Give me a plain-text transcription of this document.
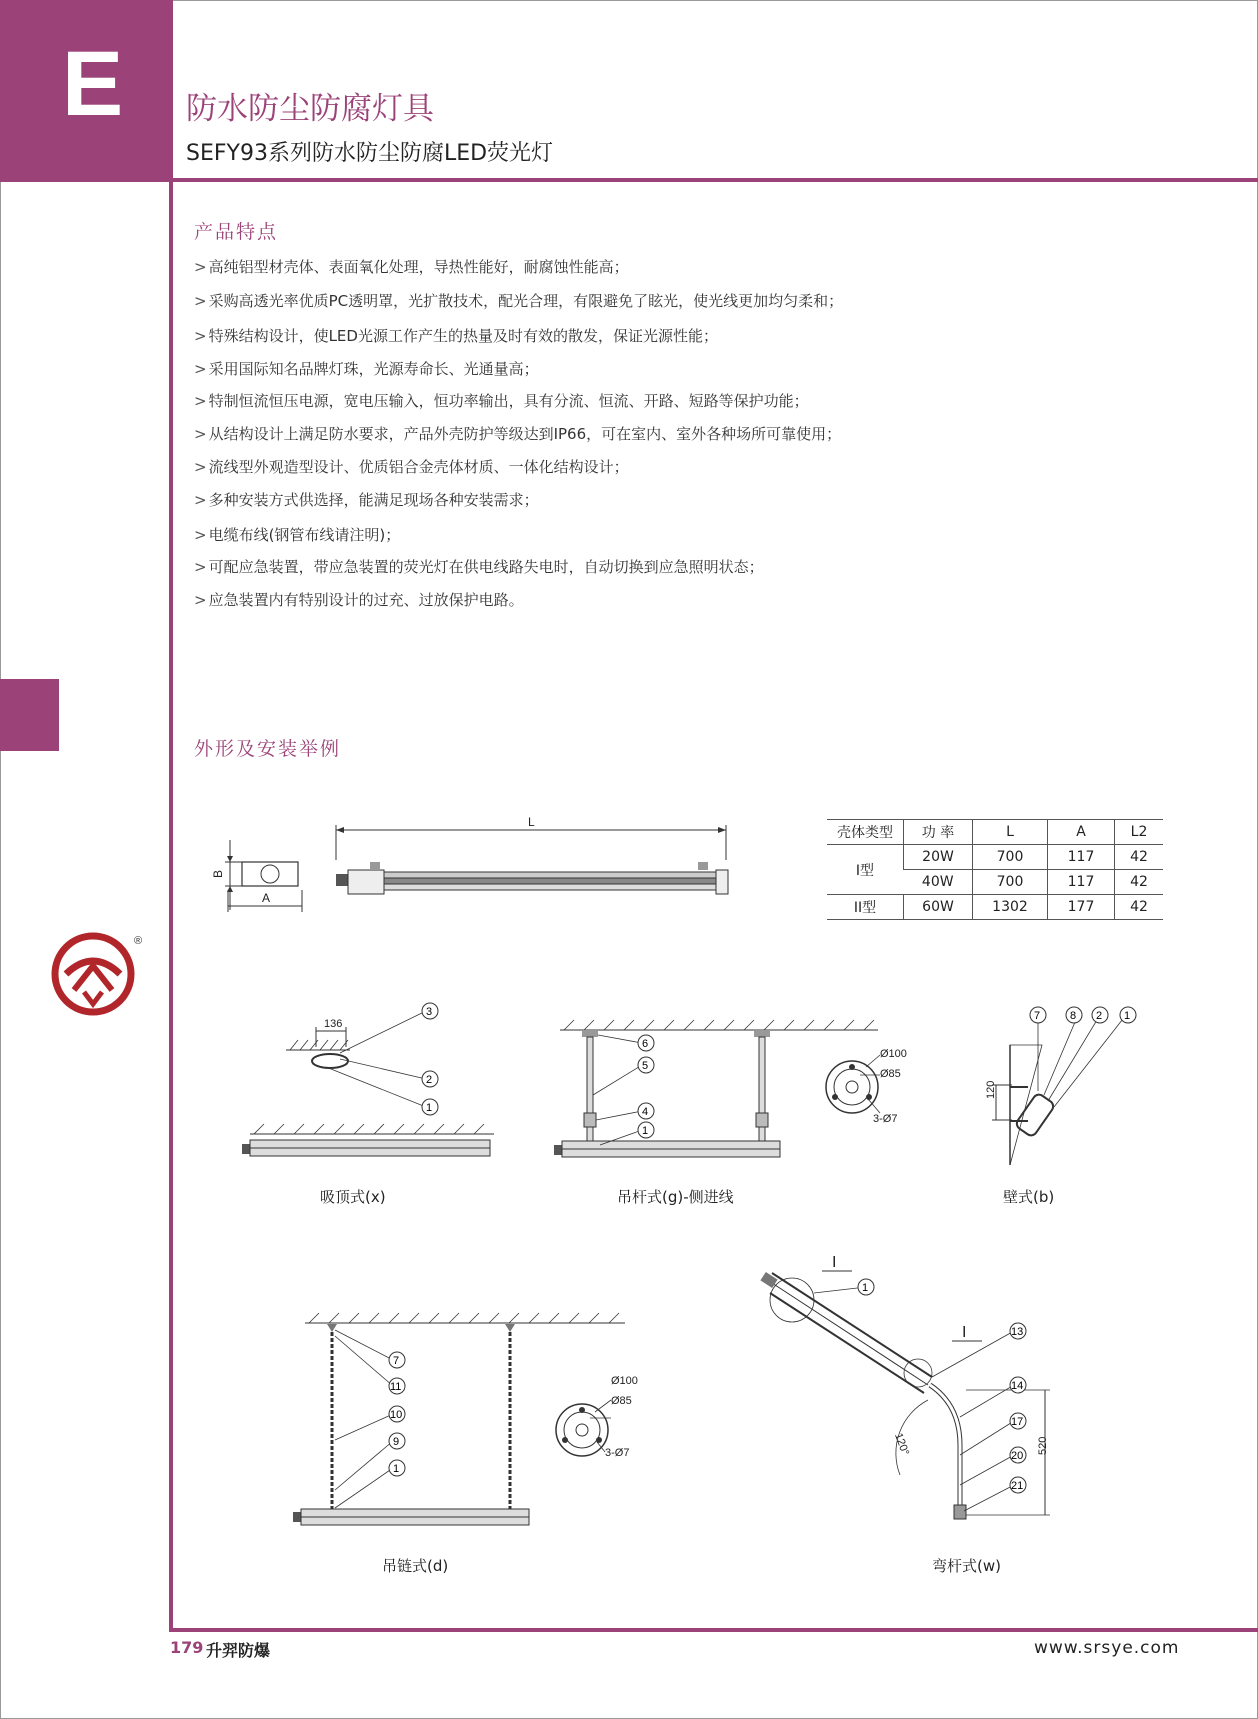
E	防水防尘防腐灯具
SEFY93系列防水防尘防腐LED荧光灯
产品特点
> 高纯铝型材壳体、表面氧化处理，导热性能好，耐腐蚀性能高；
> 采购高透光率优质PC透明罩，光扩散技术，配光合理，有限避免了眩光，使光线更加均匀柔和；
> 特殊结构设计，使LED光源工作产生的热量及时有效的散发，保证光源性能；
> 采用国际知名品牌灯珠，光源寿命长、光通量高；
> 特制恒流恒压电源，宽电压输入，恒功率输出，具有分流、恒流、开路、短路等保护功能；
> 从结构设计上满足防水要求，产品外壳防护等级达到IP66，可在室内、室外各种场所可靠使用；
> 流线型外观造型设计、优质铝合金壳体材质、一体化结构设计；
> 多种安装方式供选择，能满足现场各种安装需求；
> 电缆布线(钢管布线请注明)；
> 可配应急装置，带应急装置的荧光灯在供电线路失电时，自动切换到应急照明状态；
> 应急装置内有特别设计的过充、过放保护电路。
外形及安装举例
®
B
A
L
壳体类型	功 率	L	A	L2
I型	20W	700	117	42
	40W	700	117	42
II型	60W	1302	177	42
136
3
2
1
吸顶式(x)
6
5
4
1
Ø100
Ø85
3-Ø7
吊杆式(g)-侧进线
120
7	8 2 1
壁式(b)
7
11
10
9
1
Ø100
Ø85
3-Ø7
吊链式(d)
I
I
120°	520
1
13
14
17
20
21
弯杆式(w)
179 升羿防爆	www.srsye.com
